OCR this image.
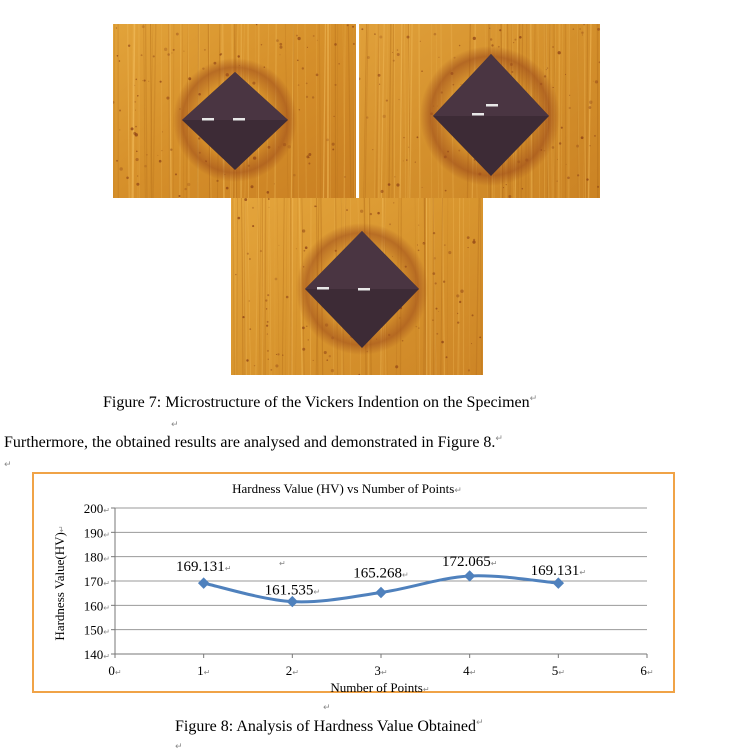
Figure 7: Microstructure of the Vickers Indention on the Specimen↵
↵
Furthermore, the obtained results are analysed and demonstrated in Figure 8.↵
↵
Hardness Value (HV) vs Number of Points↵
140↵
150↵
160↵
170↵
180↵
190↵
200↵
0↵	1↵	2↵	3↵	4↵	5↵	6↵
Number of Points↵
Hardness Value(HV)↵
169.131↵
161.535↵
165.268↵
172.065↵ 169.131↵
↵
↵
Figure 8: Analysis of Hardness Value Obtained↵
↵
